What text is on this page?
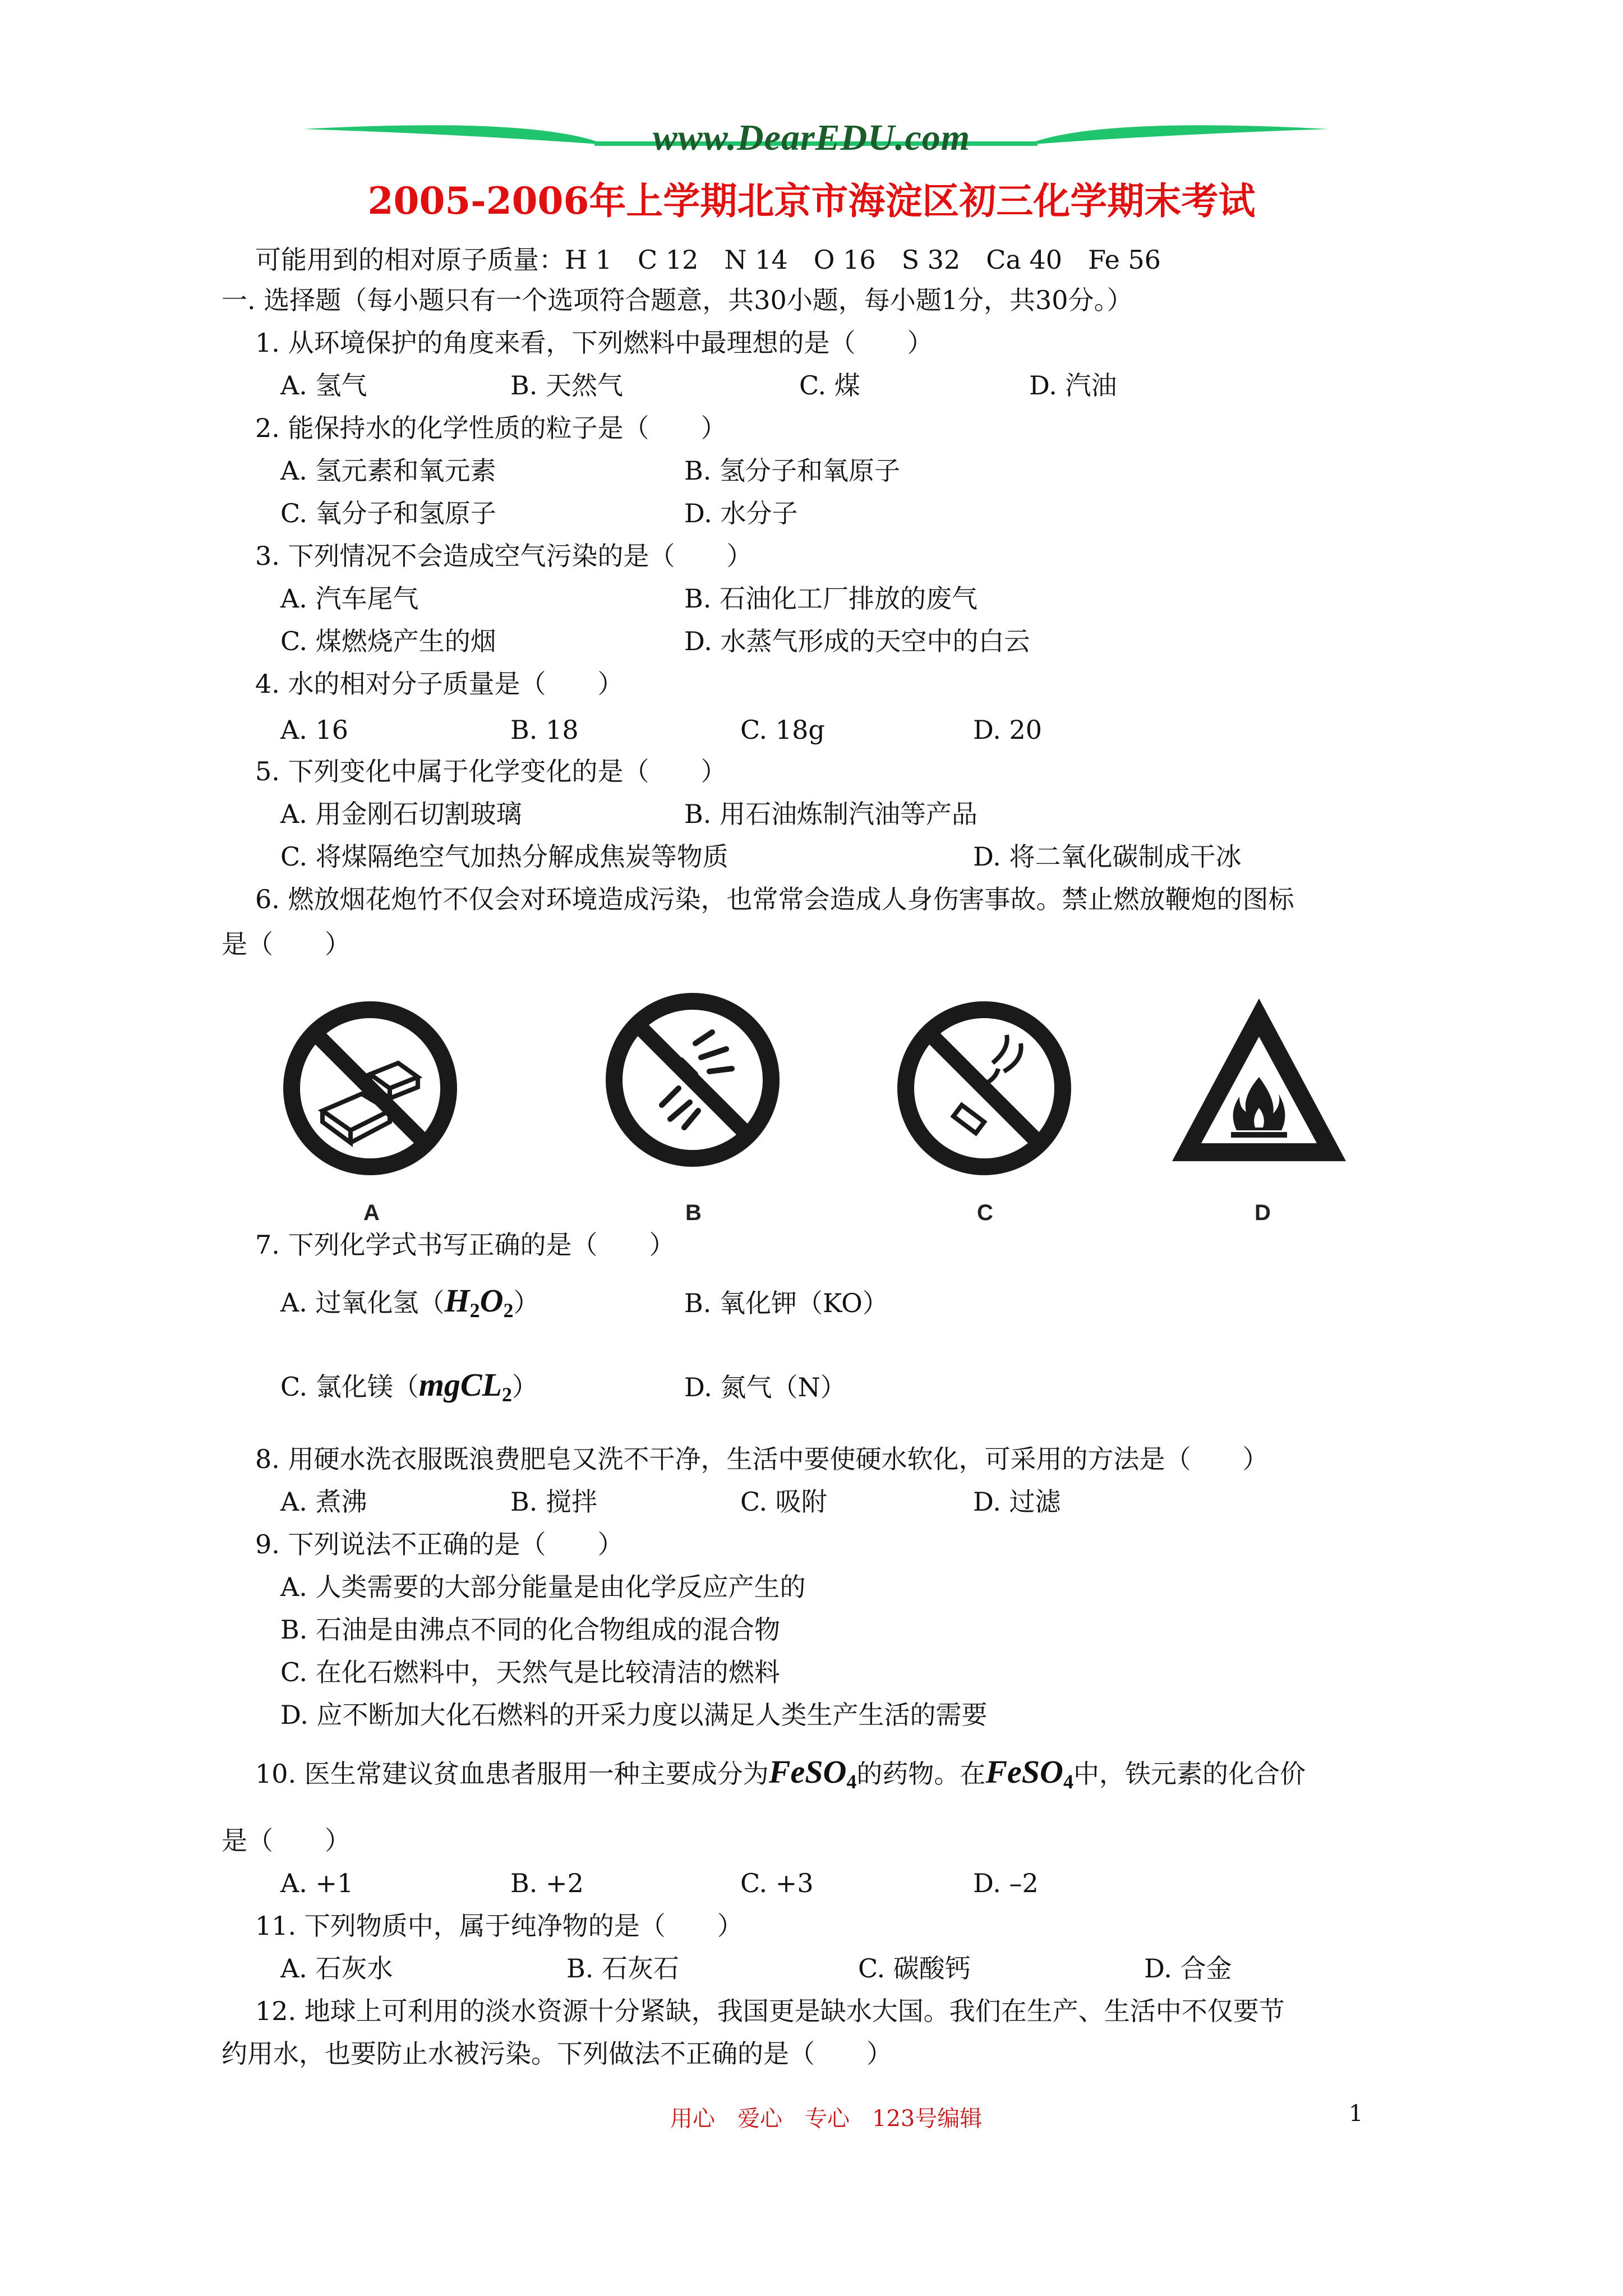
www.DearEDU.com
2005-2006年上学期北京市海淀区初三化学期末考试
可能用到的相对原子质量：H 1　C 12　N 14　O 16　S 32　Ca 40　Fe 56
一. 选择题（每小题只有一个选项符合题意，共30小题，每小题1分，共30分。）
1. 从环境保护的角度来看，下列燃料中最理想的是（　　）
A. 氢气	B. 天然气	C. 煤	D. 汽油
2. 能保持水的化学性质的粒子是（　　）
A. 氢元素和氧元素	B. 氢分子和氧原子
C. 氧分子和氢原子	D. 水分子
3. 下列情况不会造成空气污染的是（　　）
A. 汽车尾气	B. 石油化工厂排放的废气
C. 煤燃烧产生的烟	D. 水蒸气形成的天空中的白云
4. 水的相对分子质量是（　　）
A. 16	B. 18	C. 18g	D. 20
5. 下列变化中属于化学变化的是（　　）
A. 用金刚石切割玻璃	B. 用石油炼制汽油等产品
C. 将煤隔绝空气加热分解成焦炭等物质	D. 将二氧化碳制成干冰
6. 燃放烟花炮竹不仅会对环境造成污染，也常常会造成人身伤害事故。禁止燃放鞭炮的图标
是（　　）
A	B	C	D
7. 下列化学式书写正确的是（　　）
A. 过氧化氢$(H_2O_2)$	B. 氧化钾（KO）
C. 氯化镁（mgCL$_2$）	D. 氮气（N）
8. 用硬水洗衣服既浪费肥皂又洗不干净，生活中要使硬水软化，可采用的方法是（　　）
A. 煮沸	B. 搅拌	C. 吸附	D. 过滤
9. 下列说法不正确的是（　　）
A. 人类需要的大部分能量是由化学反应产生的
B. 石油是由沸点不同的化合物组成的混合物
C. 在化石燃料中，天然气是比较清洁的燃料
D. 应不断加大化石燃料的开采力度以满足人类生产生活的需要
10. 医生常建议贫血患者服用一种主要成分为FeSO$_4$的药物。在FeSO$_4$中，铁元素的化合价
是（　　）
A. +1	B. +2	C. +3	D. –2
11. 下列物质中，属于纯净物的是（　　）
A. 石灰水	B. 石灰石	C. 碳酸钙	D. 合金
12. 地球上可利用的淡水资源十分紧缺，我国更是缺水大国。我们在生产、生活中不仅要节
约用水，也要防止水被污染。下列做法不正确的是（　　）
用心　爱心　专心　123号编辑	1
